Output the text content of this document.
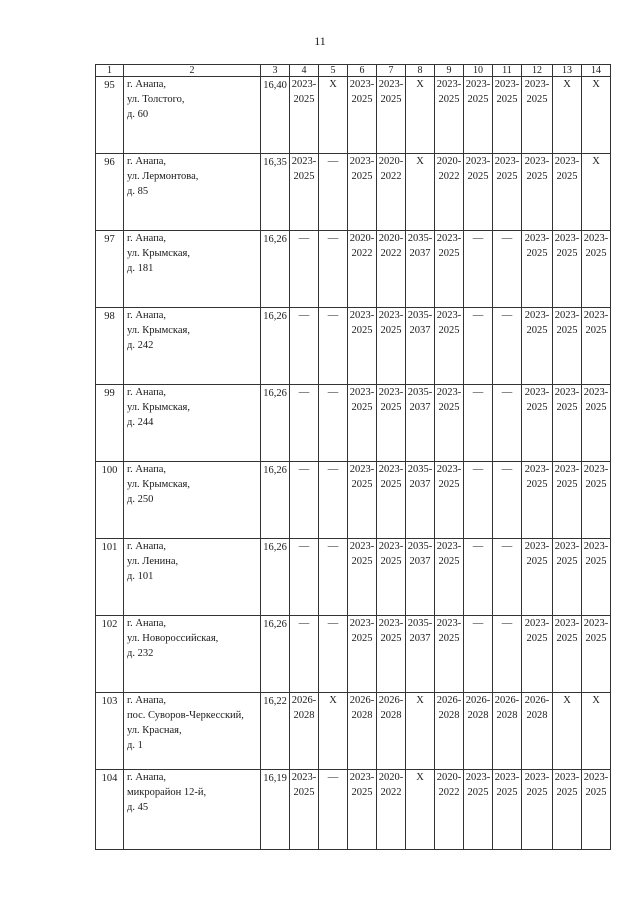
11
1	2	3	4	5	6	7	8	9	10	11	12	13	14
95	г. Анапа,
ул. Толстого,
д. 60	16,40	2023-
2025	Х	2023-
2025	2023-
2025	Х	2023-
2025	2023-
2025	2023-
2025	2023-
2025	Х	Х

96	г. Анапа,
ул. Лермонтова,
д. 85	16,35	2023-
2025	—	2023-
2025	2020-
2022	Х	2020-
2022	2023-
2025	2023-
2025	2023-
2025	2023-
2025	Х

97	г. Анапа,
ул. Крымская,
д. 181	16,26	—	—	2020-
2022	2020-
2022	2035-
2037	2023-
2025	—	—	2023-
2025	2023-
2025	2023-
2025

98	г. Анапа,
ул. Крымская,
д. 242	16,26	—	—	2023-
2025	2023-
2025	2035-
2037	2023-
2025	—	—	2023-
2025	2023-
2025	2023-
2025

99	г. Анапа,
ул. Крымская,
д. 244	16,26	—	—	2023-
2025	2023-
2025	2035-
2037	2023-
2025	—	—	2023-
2025	2023-
2025	2023-
2025

100	г. Анапа,
ул. Крымская,
д. 250	16,26	—	—	2023-
2025	2023-
2025	2035-
2037	2023-
2025	—	—	2023-
2025	2023-
2025	2023-
2025

101	г. Анапа,
ул. Ленина,
д. 101	16,26	—	—	2023-
2025	2023-
2025	2035-
2037	2023-
2025	—	—	2023-
2025	2023-
2025	2023-
2025

102	г. Анапа,
ул. Новороссийская,
д. 232	16,26	—	—	2023-
2025	2023-
2025	2035-
2037	2023-
2025	—	—	2023-
2025	2023-
2025	2023-
2025

103	г. Анапа,
пос. Суворов-Черкесский,
ул. Красная,
д. 1	16,22	2026-
2028	Х	2026-
2028	2026-
2028	Х	2026-
2028	2026-
2028	2026-
2028	2026-
2028	Х	Х

104	г. Анапа,
микрорайон 12-й,
д. 45	16,19	2023-
2025	—	2023-
2025	2020-
2022	Х	2020-
2022	2023-
2025	2023-
2025	2023-
2025	2023-
2025	2023-
2025
